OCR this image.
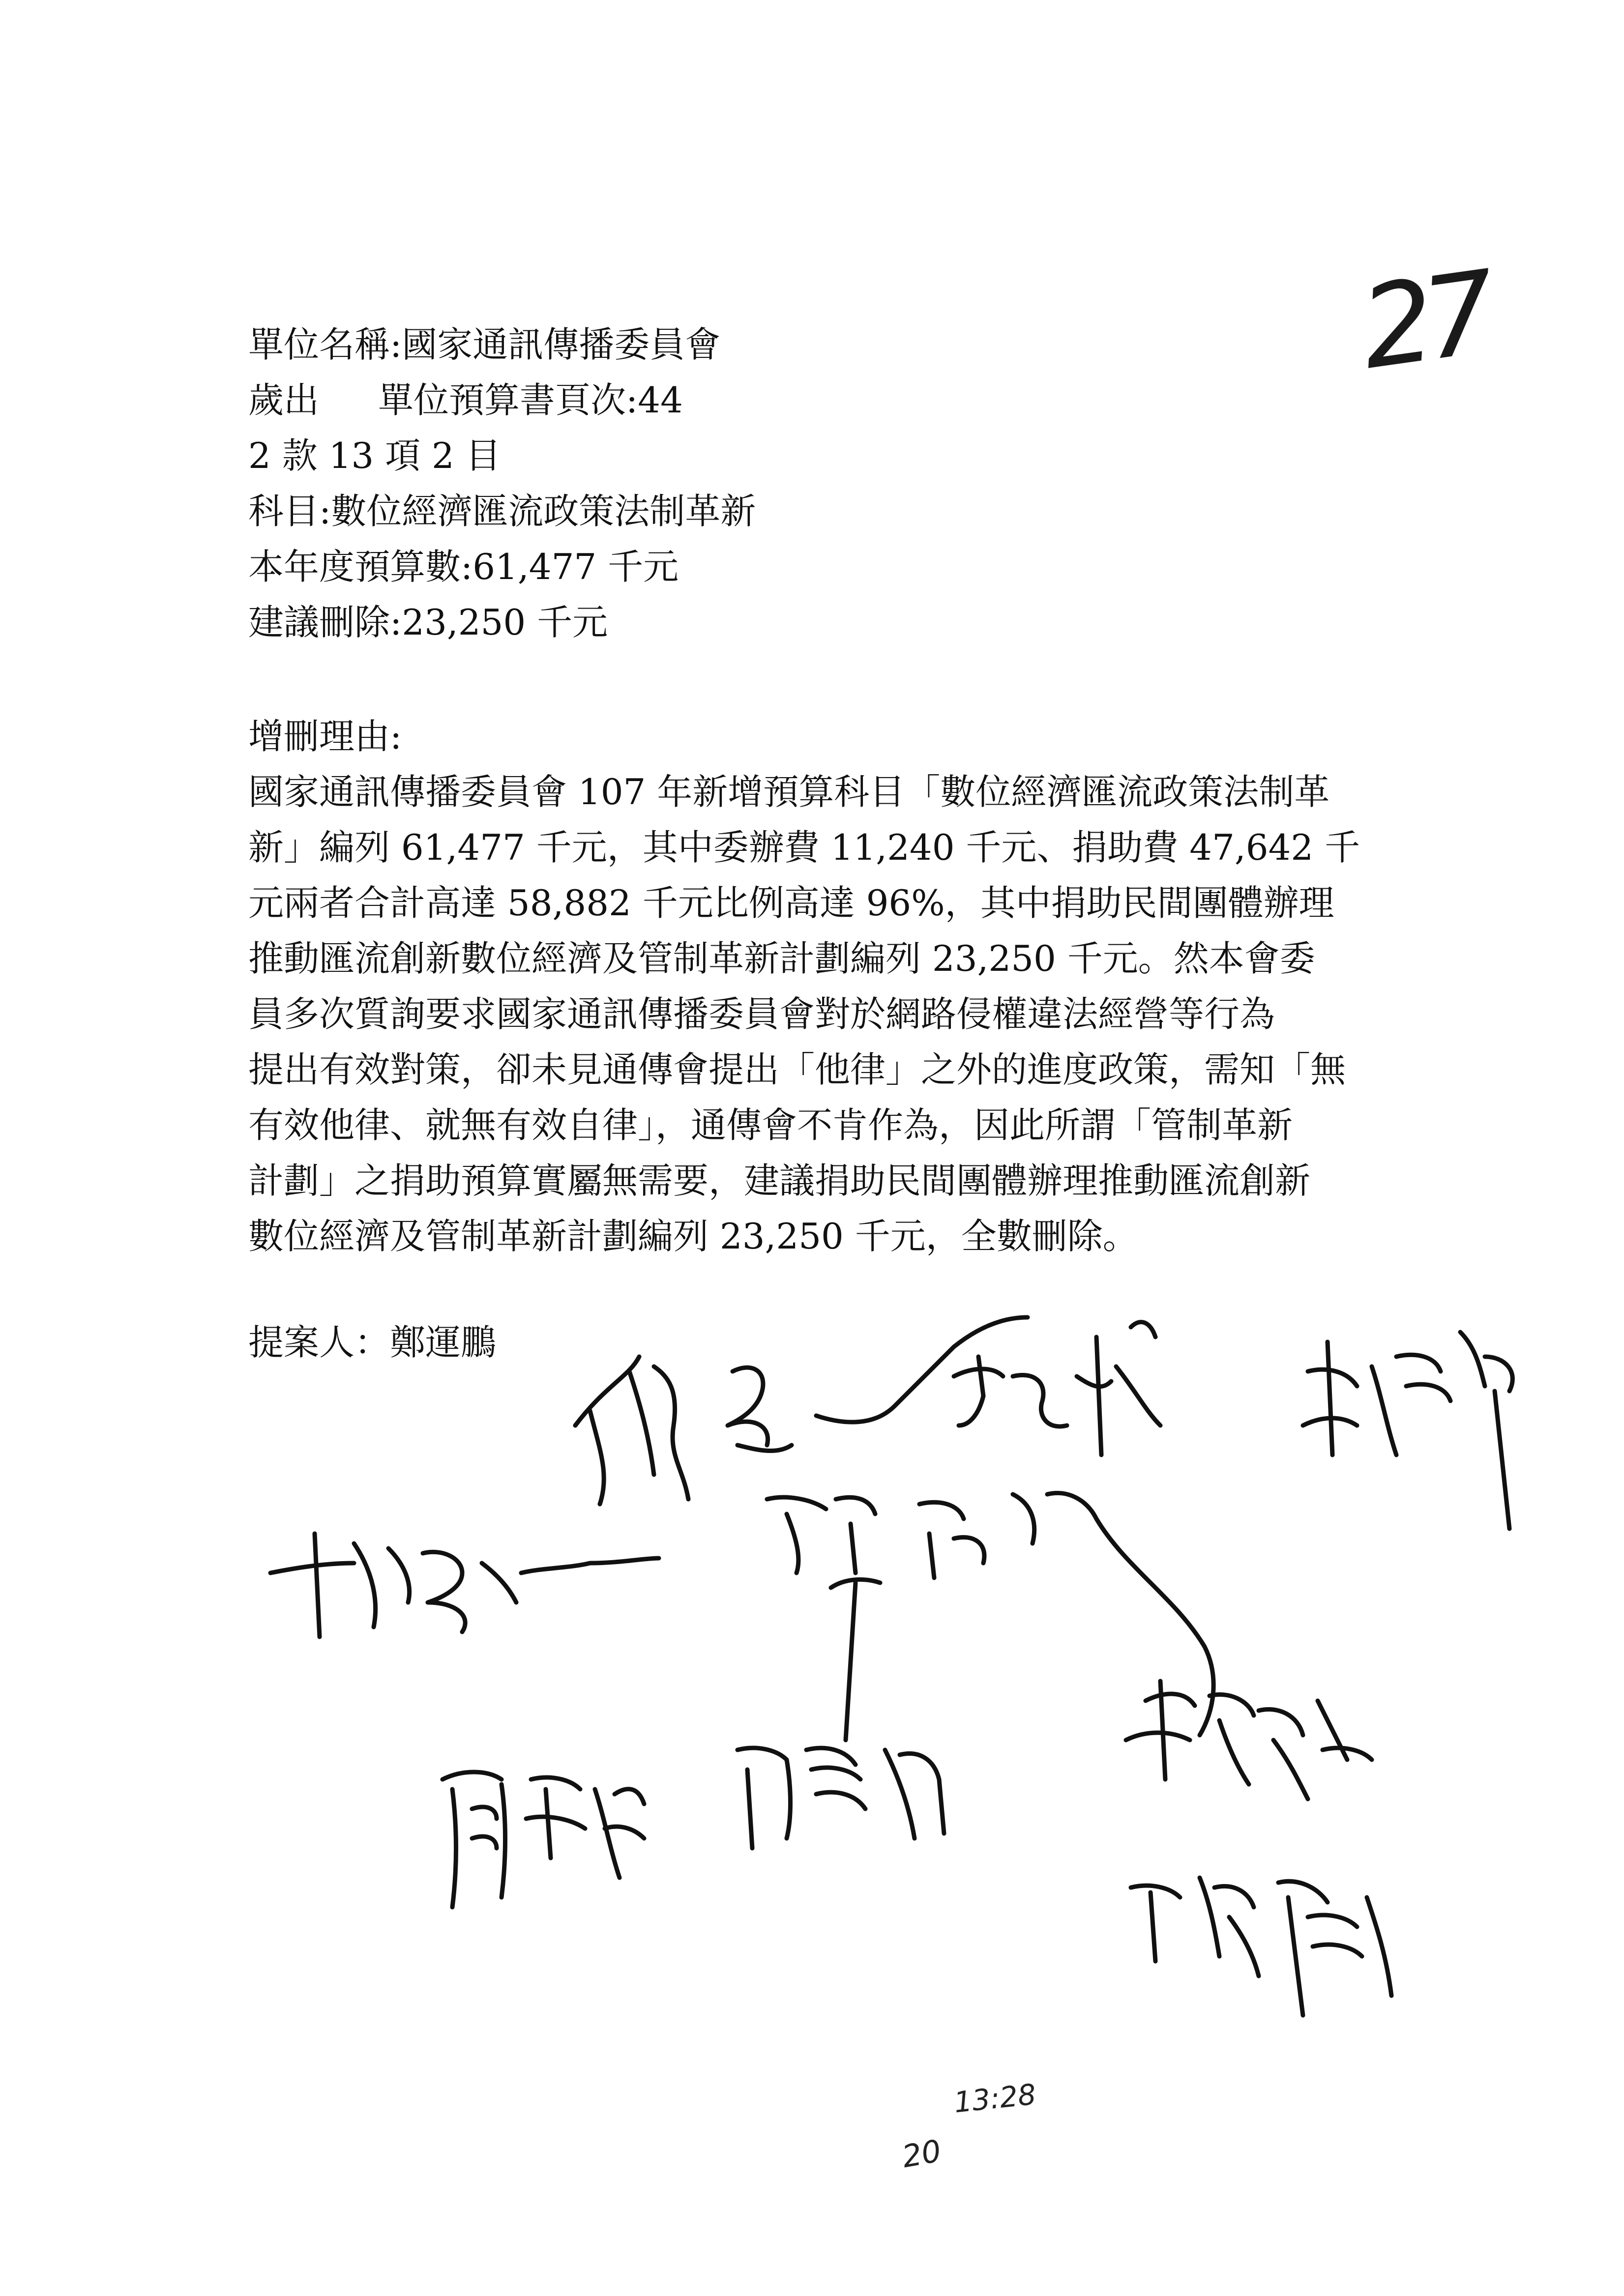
27
單位名稱:國家通訊傳播委員會
歲出 單位預算書頁次:44
2 款 13 項 2 目
科目:數位經濟匯流政策法制革新
本年度預算數:61,477 千元
建議刪除:23,250 千元
增刪理由:
國家通訊傳播委員會 107 年新增預算科目「數位經濟匯流政策法制革
新」編列 61,477 千元，其中委辦費 11,240 千元、捐助費 47,642 千
元兩者合計高達 58,882 千元比例高達 96%，其中捐助民間團體辦理
推動匯流創新數位經濟及管制革新計劃編列 23,250 千元。然本會委
員多次質詢要求國家通訊傳播委員會對於網路侵權違法經營等行為
提出有效對策，卻未見通傳會提出「他律」之外的進度政策，需知「無
有效他律、就無有效自律」，通傳會不肯作為，因此所謂「管制革新
計劃」之捐助預算實屬無需要，建議捐助民間團體辦理推動匯流創新
數位經濟及管制革新計劃編列 23,250 千元，全數刪除。
提案人：鄭運鵬
13:28
20
